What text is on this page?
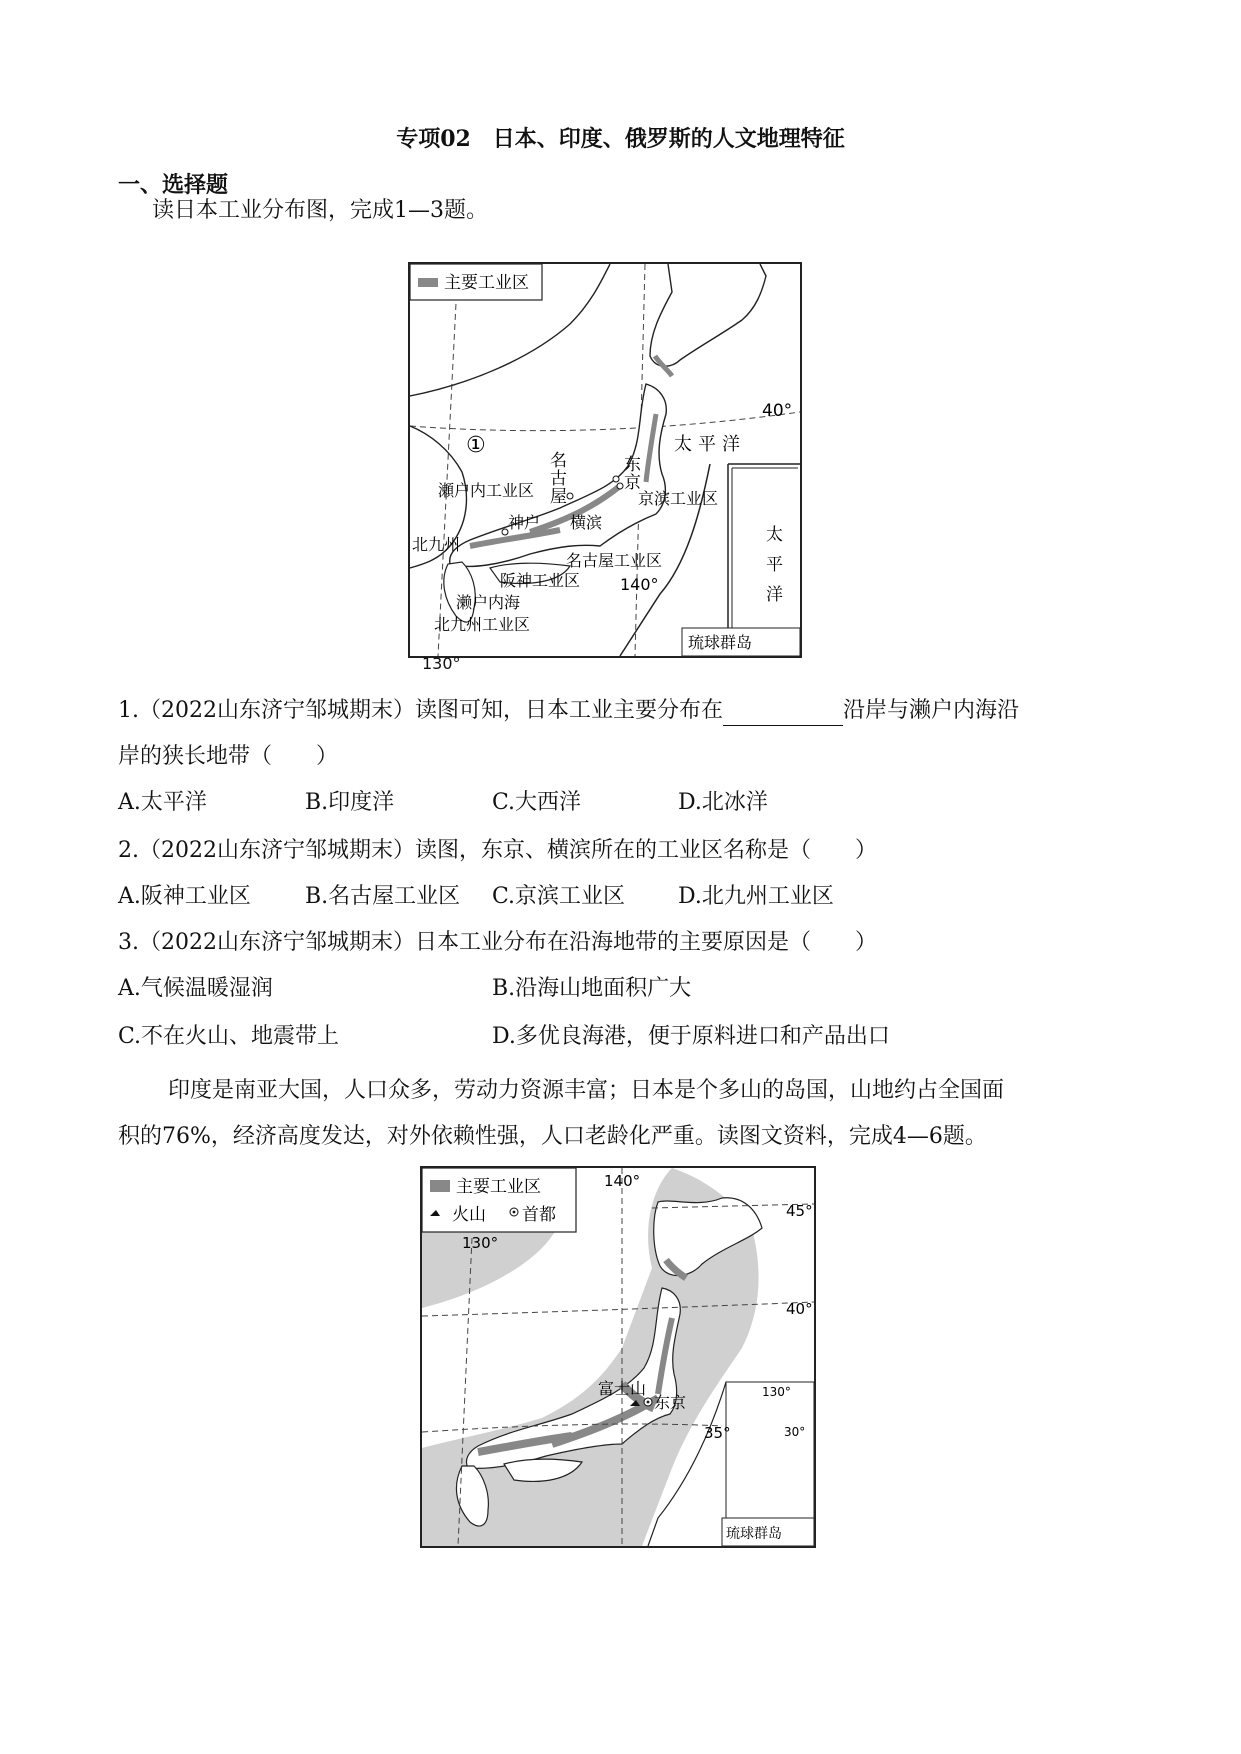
专项02　日本、印度、俄罗斯的人文地理特征
一、选择题
读日本工业分布图，完成1—3题。
主要工业区
①
40°
太平洋
瀬户内工业区	京滨工业区
横滨
神户
北九州
名古屋工业区
阪神工业区 140°
濑户内海
北九州工业区
琉球群岛
名
古
屋
东
京
太
平
洋
130°
1.（2022山东济宁邹城期末）读图可知，日本工业主要分布在	沿岸与濑户内海沿
岸的狭长地带（　　）
A.太平洋	B.印度洋	C.大西洋	D.北冰洋
2.（2022山东济宁邹城期末）读图，东京、横滨所在的工业区名称是（　　）
A.阪神工业区 B.名古屋工业区 C.京滨工业区 D.北九州工业区
3.（2022山东济宁邹城期末）日本工业分布在沿海地带的主要原因是（　　）
A.气候温暖湿润	B.沿海山地面积广大
C.不在火山、地震带上	D.多优良海港，便于原料进口和产品出口
印度是南亚大国，人口众多，劳动力资源丰富；日本是个多山的岛国，山地约占全国面
积的76%，经济高度发达，对外依赖性强，人口老龄化严重。读图文资料，完成4—6题。
主要工业区
火山 首都
140°
130°
45°
40°
35°
富士山
东京
130°
30°
琉球群岛
